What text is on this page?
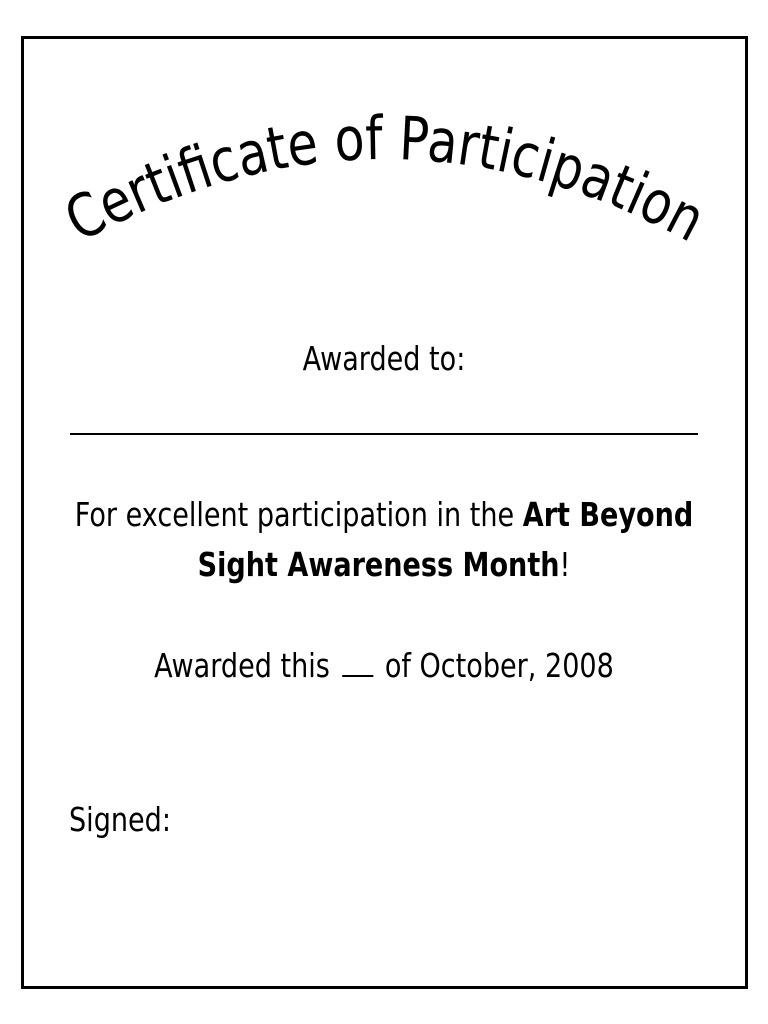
Certificate of Participation
Awarded to:
For excellent participation in the Art Beyond
Sight Awareness Month!
Awarded this of October, 2008
Signed:
